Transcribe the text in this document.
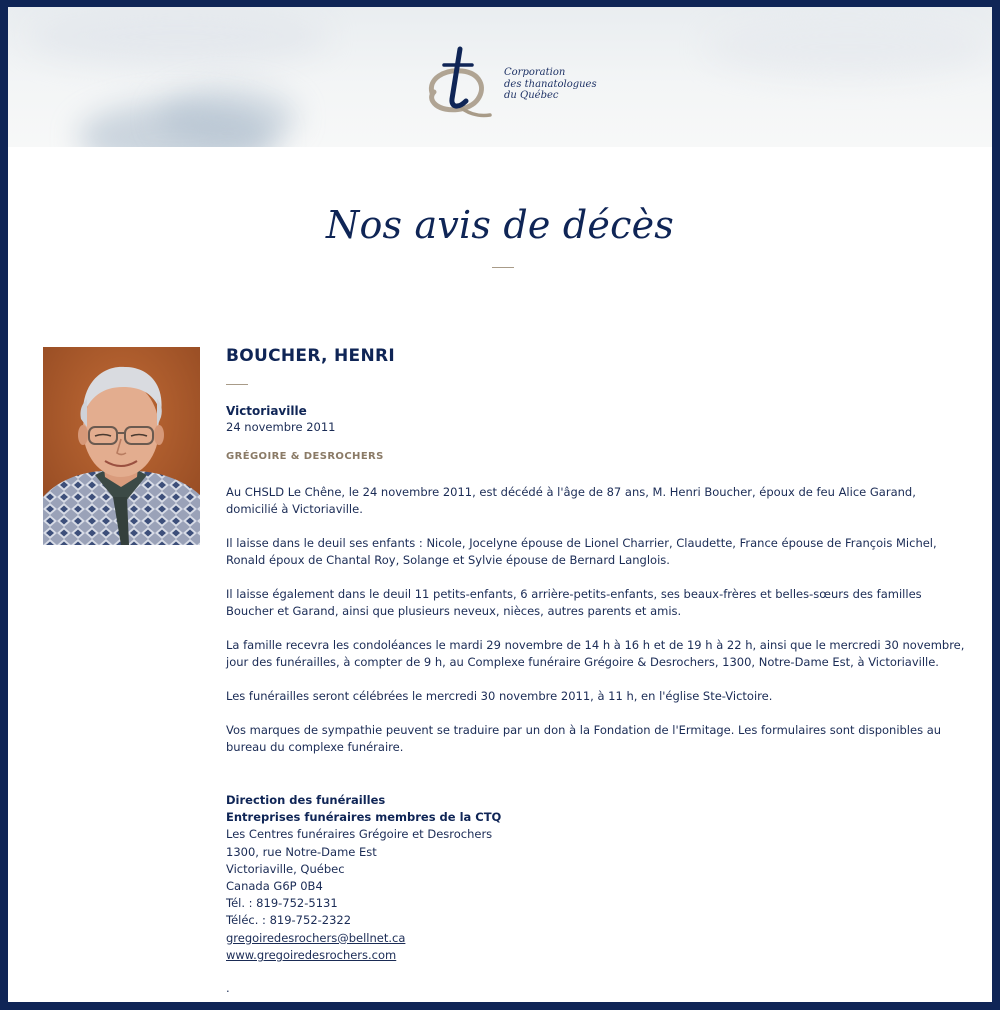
Corporation
des thanatologues
du Québec
Nos avis de décès
BOUCHER, HENRI
Victoriaville
24 novembre 2011
GRÉGOIRE & DESROCHERS

Au CHSLD Le Chêne, le 24 novembre 2011, est décédé à l'âge de 87 ans, M. Henri Boucher, époux de feu Alice Garand, domicilié à Victoriaville.

Il laisse dans le deuil ses enfants : Nicole, Jocelyne épouse de Lionel Charrier, Claudette, France épouse de François Michel, Ronald époux de Chantal Roy, Solange et Sylvie épouse de Bernard Langlois.

Il laisse également dans le deuil 11 petits-enfants, 6 arrière-petits-enfants, ses beaux-frères et belles-sœurs des familles Boucher et Garand, ainsi que plusieurs neveux, nièces, autres parents et amis.

La famille recevra les condoléances le mardi 29 novembre de 14 h à 16 h et de 19 h à 22 h, ainsi que le mercredi 30 novembre, jour des funérailles, à compter de 9 h, au Complexe funéraire Grégoire & Desrochers, 1300, Notre-Dame Est, à Victoriaville.

Les funérailles seront célébrées le mercredi 30 novembre 2011, à 11 h, en l'église Ste-Victoire.

Vos marques de sympathie peuvent se traduire par un don à la Fondation de l'Ermitage. Les formulaires sont disponibles au bureau du complexe funéraire.

Direction des funérailles
Entreprises funéraires membres de la CTQ
Les Centres funéraires Grégoire et Desrochers
1300, rue Notre-Dame Est
Victoriaville, Québec
Canada G6P 0B4
Tél. : 819-752-5131
Téléc. : 819-752-2322
gregoiredesrochers@bellnet.ca
www.gregoiredesrochers.com
.
